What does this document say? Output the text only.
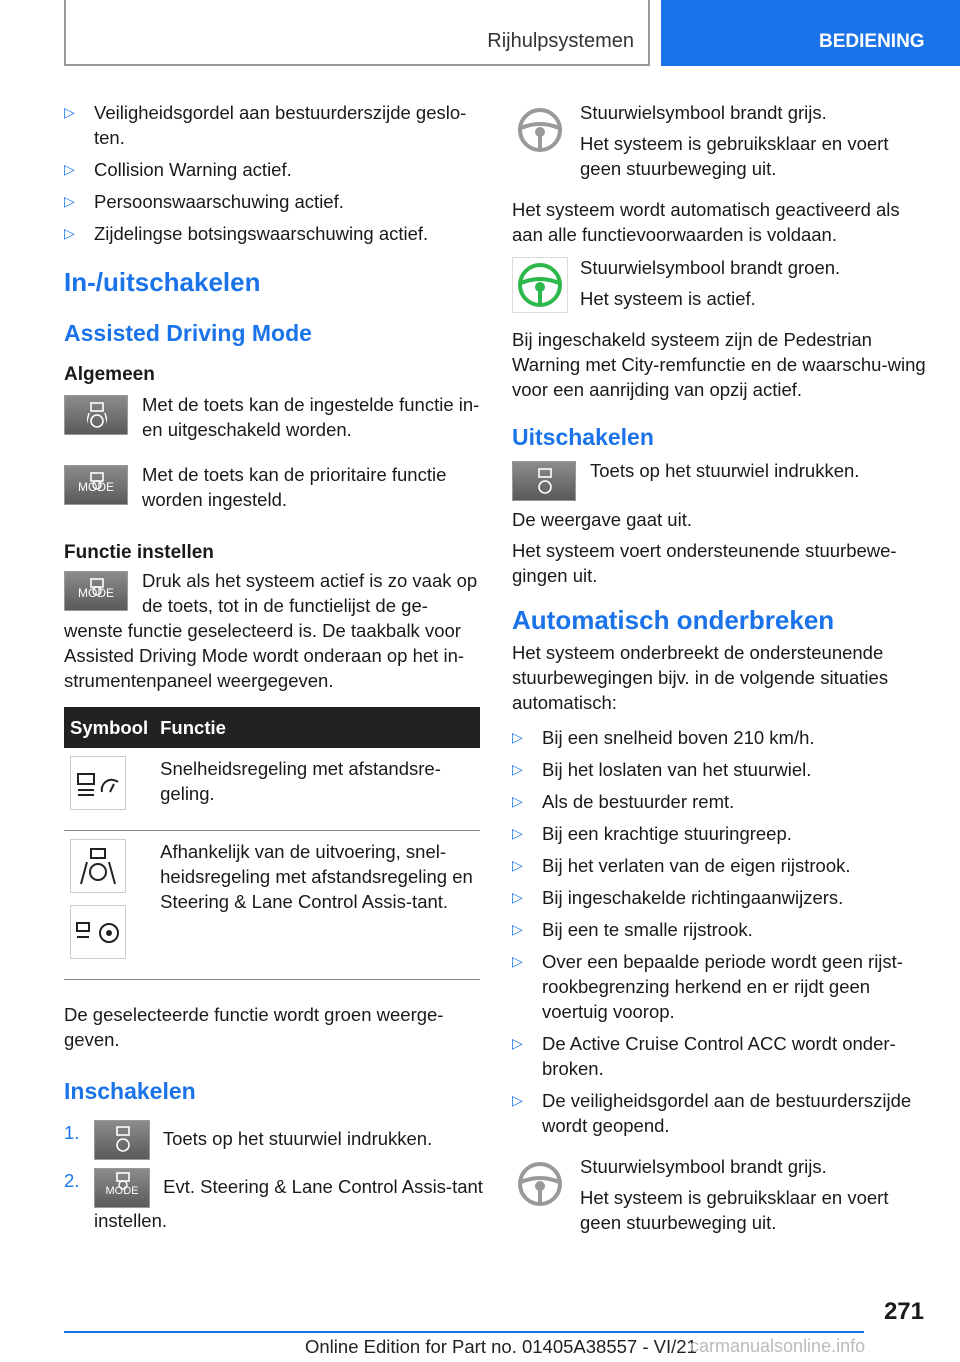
Rijhulpsystemen	BEDIENING
▷ Veiligheidsgordel aan bestuurderszijde geslo-ten.
▷ Collision Warning actief.
▷ Persoonswaarschuwing actief.
▷ Zijdelingse botsingswaarschuwing actief.
In-/uitschakelen
Assisted Driving Mode
Algemeen

Met de toets kan de ingestelde functie in- en uitgeschakeld worden.

MODE

Met de toets kan de prioritaire functie worden ingesteld.

Functie instellen
MODE

Druk als het systeem actief is zo vaak op de toets, tot in de functielijst de ge-wenste functie geselecteerd is. De taakbalk voor Assisted Driving Mode wordt onderaan op het in-strumentenpaneel weergegeven.

Symbool	Functie

	Snelheidsregeling met afstandsre-geling.

	Afhankelijk van de uitvoering, snel-heidsregeling met afstandsregeling en Steering & Lane Control Assis-tant.

De geselecteerde functie wordt groen weerge-geven.

Inschakelen
1.	Toets op het stuurwiel indrukken.
2.	MODE	Evt. Steering & Lane Control Assis-tant instellen.

Stuurwielsymbool brandt grijs.

Het systeem is gebruiksklaar en voert geen stuurbeweging uit.

Het systeem wordt automatisch geactiveerd als aan alle functievoorwaarden is voldaan.

Stuurwielsymbool brandt groen.

Het systeem is actief.

Bij ingeschakeld systeem zijn de Pedestrian Warning met City-remfunctie en de waarschu-wing voor een aanrijding van opzij actief.

Uitschakelen

Toets op het stuurwiel indrukken.

De weergave gaat uit.

Het systeem voert ondersteunende stuurbewe-gingen uit.

Automatisch onderbreken

Het systeem onderbreekt de ondersteunende stuurbewegingen bijv. in de volgende situaties automatisch:

▷ Bij een snelheid boven 210 km/h.
▷ Bij het loslaten van het stuurwiel.
▷ Als de bestuurder remt.
▷ Bij een krachtige stuuringreep.
▷ Bij het verlaten van de eigen rijstrook.
▷ Bij ingeschakelde richtingaanwijzers.
▷ Bij een te smalle rijstrook.
▷ Over een bepaalde periode wordt geen rijst-rookbegrenzing herkend en er rijdt geen voertuig voorop.
▷ De Active Cruise Control ACC wordt onder-broken.
▷ De veiligheidsgordel aan de bestuurderszijde wordt geopend.

Stuurwielsymbool brandt grijs.

Het systeem is gebruiksklaar en voert geen stuurbeweging uit.

271
Online Edition for Part no. 01405A38557 - VI/21
carmanualsonline.info
